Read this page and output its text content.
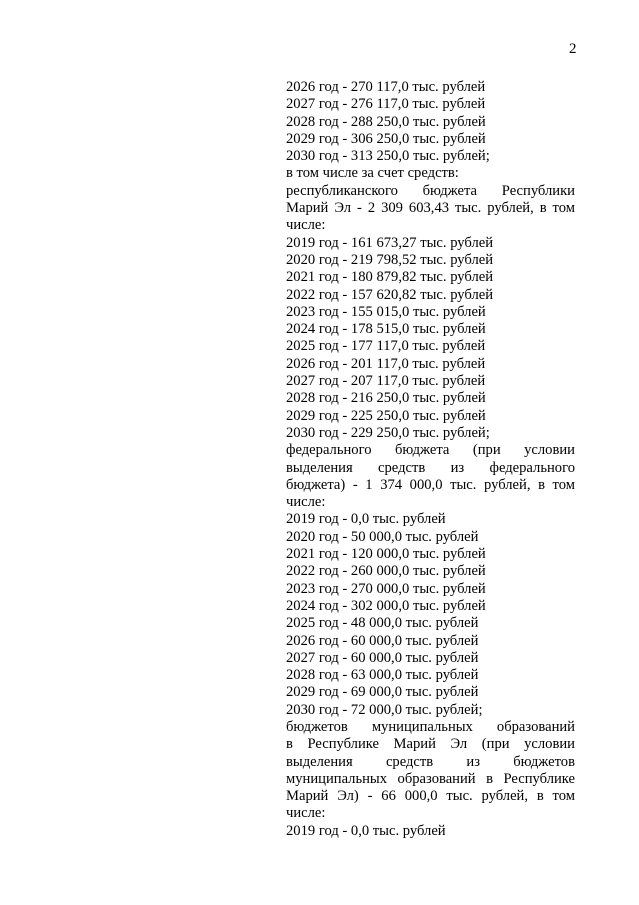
2
2026 год - 270 117,0 тыс. рублей
2027 год - 276 117,0 тыс. рублей
2028 год - 288 250,0 тыс. рублей
2029 год - 306 250,0 тыс. рублей
2030 год - 313 250,0 тыс. рублей;
в том числе за счет средств:
республиканского бюджета Республики
Марий Эл - 2 309 603,43 тыс. рублей, в том
числе:
2019 год - 161 673,27 тыс. рублей
2020 год - 219 798,52 тыс. рублей
2021 год - 180 879,82 тыс. рублей
2022 год - 157 620,82 тыс. рублей
2023 год - 155 015,0 тыс. рублей
2024 год - 178 515,0 тыс. рублей
2025 год - 177 117,0 тыс. рублей
2026 год - 201 117,0 тыс. рублей
2027 год - 207 117,0 тыс. рублей
2028 год - 216 250,0 тыс. рублей
2029 год - 225 250,0 тыс. рублей
2030 год - 229 250,0 тыс. рублей;
федерального бюджета (при условии
выделения средств из федерального
бюджета) - 1 374 000,0 тыс. рублей, в том
числе:
2019 год - 0,0 тыс. рублей
2020 год - 50 000,0 тыс. рублей
2021 год - 120 000,0 тыс. рублей
2022 год - 260 000,0 тыс. рублей
2023 год - 270 000,0 тыс. рублей
2024 год - 302 000,0 тыс. рублей
2025 год - 48 000,0 тыс. рублей
2026 год - 60 000,0 тыс. рублей
2027 год - 60 000,0 тыс. рублей
2028 год - 63 000,0 тыс. рублей
2029 год - 69 000,0 тыс. рублей
2030 год - 72 000,0 тыс. рублей;
бюджетов муниципальных образований
в Республике Марий Эл (при условии
выделения средств из бюджетов
муниципальных образований в Республике
Марий Эл) - 66 000,0 тыс. рублей, в том
числе:
2019 год - 0,0 тыс. рублей
